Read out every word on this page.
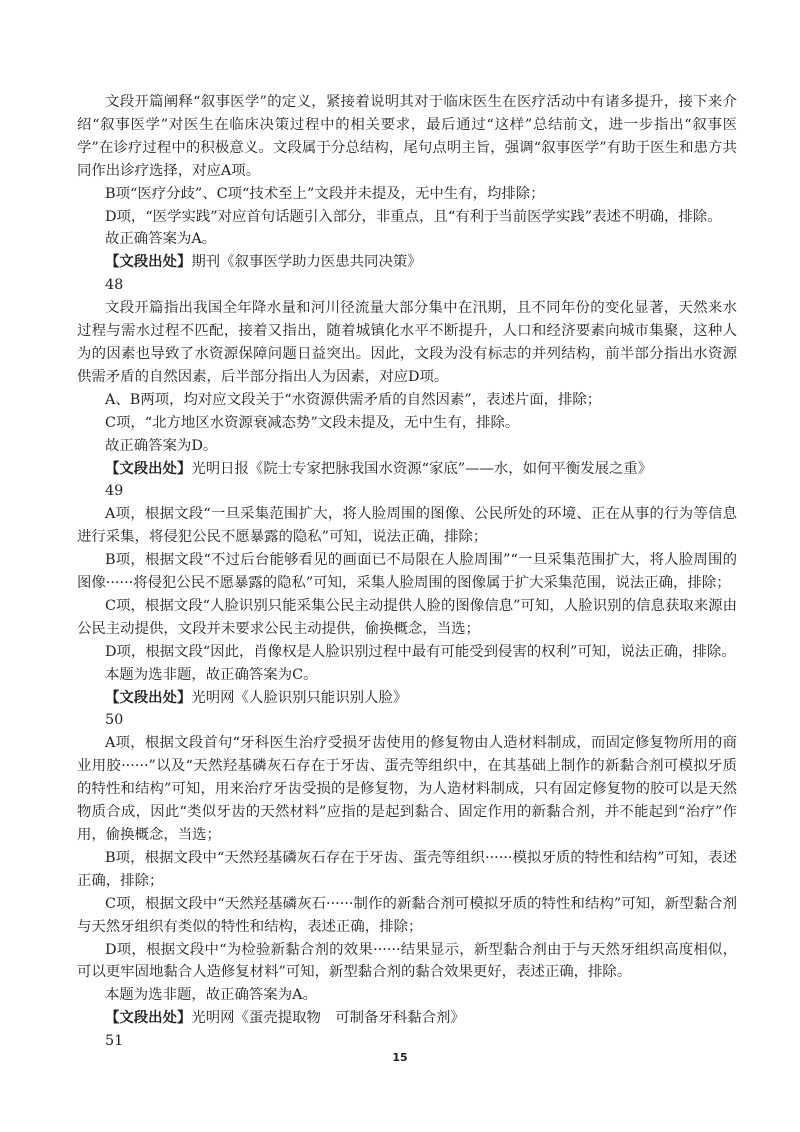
文段开篇阐释“叙事医学”的定义，紧接着说明其对于临床医生在医疗活动中有诸多提升，接下来介绍“叙事医学”对医生在临床决策过程中的相关要求，最后通过“这样”总结前文，进一步指出“叙事医学”在诊疗过程中的积极意义。文段属于分总结构，尾句点明主旨，强调“叙事医学”有助于医生和患方共同作出诊疗选择，对应A项。

B项“医疗分歧”、C项“技术至上”文段并未提及，无中生有，均排除；

D项，“医学实践”对应首句话题引入部分，非重点，且“有利于当前医学实践”表述不明确，排除。

故正确答案为A。

【文段出处】期刊《叙事医学助力医患共同决策》

48

文段开篇指出我国全年降水量和河川径流量大部分集中在汛期，且不同年份的变化显著，天然来水过程与需水过程不匹配，接着又指出，随着城镇化水平不断提升，人口和经济要素向城市集聚，这种人为的因素也导致了水资源保障问题日益突出。因此，文段为没有标志的并列结构，前半部分指出水资源供需矛盾的自然因素，后半部分指出人为因素，对应D项。

A、B两项，均对应文段关于“水资源供需矛盾的自然因素”，表述片面，排除；

C项，“北方地区水资源衰减态势”文段未提及，无中生有，排除。

故正确答案为D。

【文段出处】光明日报《院士专家把脉我国水资源“家底”——水，如何平衡发展之重》

49

A项，根据文段“一旦采集范围扩大，将人脸周围的图像、公民所处的环境、正在从事的行为等信息进行采集，将侵犯公民不愿暴露的隐私”可知，说法正确，排除；

B项，根据文段“不过后台能够看见的画面已不局限在人脸周围”“一旦采集范围扩大，将人脸周围的图像······将侵犯公民不愿暴露的隐私”可知，采集人脸周围的图像属于扩大采集范围，说法正确，排除；

C项，根据文段“人脸识别只能采集公民主动提供人脸的图像信息”可知，人脸识别的信息获取来源由公民主动提供，文段并未要求公民主动提供，偷换概念，当选；

D项，根据文段“因此，肖像权是人脸识别过程中最有可能受到侵害的权利”可知，说法正确，排除。

本题为选非题，故正确答案为C。

【文段出处】光明网《人脸识别只能识别人脸》

50

A项，根据文段首句“牙科医生治疗受损牙齿使用的修复物由人造材料制成，而固定修复物所用的商业用胶······”以及“天然羟基磷灰石存在于牙齿、蛋壳等组织中，在其基础上制作的新黏合剂可模拟牙质的特性和结构”可知，用来治疗牙齿受损的是修复物，为人造材料制成，只有固定修复物的胶可以是天然物质合成，因此“类似牙齿的天然材料”应指的是起到黏合、固定作用的新黏合剂，并不能起到“治疗”作用，偷换概念，当选；

B项，根据文段中“天然羟基磷灰石存在于牙齿、蛋壳等组织······模拟牙质的特性和结构”可知，表述正确，排除；

C项，根据文段中“天然羟基磷灰石······制作的新黏合剂可模拟牙质的特性和结构”可知，新型黏合剂与天然牙组织有类似的特性和结构，表述正确，排除；

D项，根据文段中“为检验新黏合剂的效果······结果显示，新型黏合剂由于与天然牙组织高度相似，可以更牢固地黏合人造修复材料”可知，新型黏合剂的黏合效果更好，表述正确，排除。

本题为选非题，故正确答案为A。

【文段出处】光明网《蛋壳提取物　可制备牙科黏合剂》

51

15
